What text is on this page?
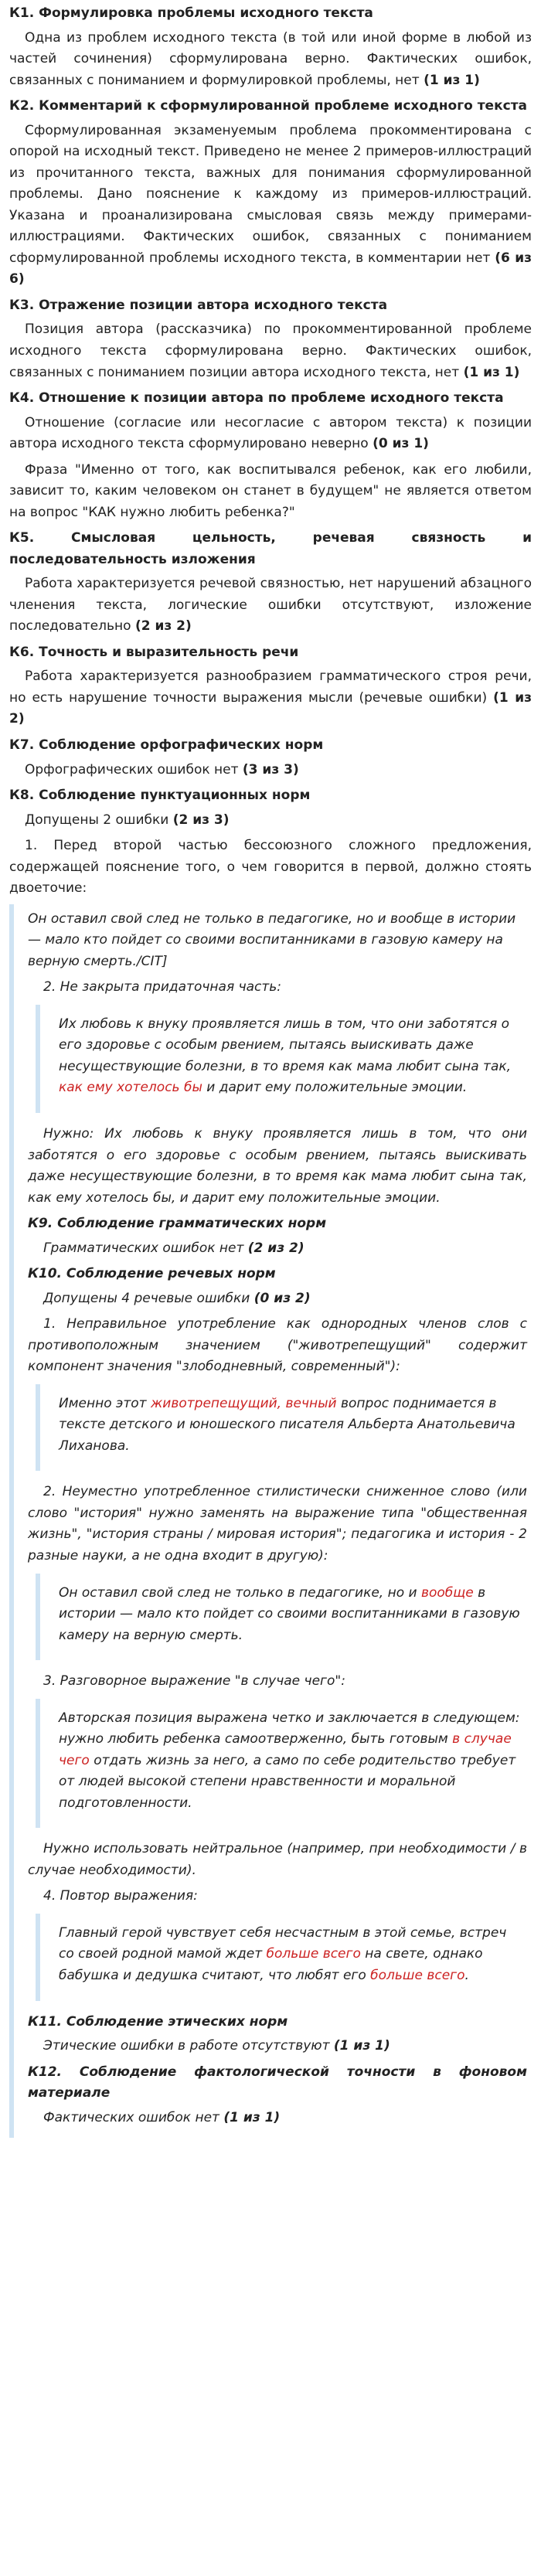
К1. Формулировка проблемы исходного текста

Одна из проблем исходного текста (в той или иной форме в любой из частей сочинения) сформулирована верно. Фактических ошибок, связанных с пониманием и формулировкой проблемы, нет (1 из 1)

К2. Комментарий к сформулированной проблеме исходного текста

Сформулированная экзаменуемым проблема прокомментирована с опорой на исходный текст. Приведено не менее 2 примеров-иллюстраций из прочитанного текста, важных для понимания сформулированной проблемы. Дано пояснение к каждому из примеров-иллюстраций. Указана и проанализирована смысловая связь между примерами-иллюстрациями. Фактических ошибок, связанных с пониманием сформулированной проблемы исходного текста, в комментарии нет (6 из 6)

К3. Отражение позиции автора исходного текста

Позиция автора (рассказчика) по прокомментированной проблеме исходного текста сформулирована верно. Фактических ошибок, связанных с пониманием позиции автора исходного текста, нет (1 из 1)

К4. Отношение к позиции автора по проблеме исходного текста

Отношение (согласие или несогласие с автором текста) к позиции автора исходного текста сформулировано неверно (0 из 1)

Фраза "Именно от того, как воспитывался ребенок, как его любили, зависит то, каким человеком он станет в будущем" не является ответом на вопрос "КАК нужно любить ребенка?"

К5. Смысловая цельность, речевая связность и последовательность изложения

Работа характеризуется речевой связностью, нет нарушений абзацного членения текста, логические ошибки отсутствуют, изложение последовательно (2 из 2)

К6. Точность и выразительность речи

Работа характеризуется разнообразием грамматического строя речи, но есть нарушение точности выражения мысли (речевые ошибки) (1 из 2)

К7. Соблюдение орфографических норм

Орфографических ошибок нет (3 из 3)

К8. Соблюдение пунктуационных норм

Допущены 2 ошибки (2 из 3)

1. Перед второй частью бессоюзного сложного предложения, содержащей пояснение того, о чем говорится в первой, должно стоять двоеточие:

Он оставил свой след не только в педагогике, но и вообще в истории — мало кто пойдет со своими воспитанниками в газовую камеру на верную смерть./CIT]

2. Не закрыта придаточная часть:

Их любовь к внуку проявляется лишь в том, что они заботятся о его здоровье с особым рвением, пытаясь выискивать даже несуществующие болезни, в то время как мама любит сына так, как ему хотелось бы и дарит ему положительные эмоции.

Нужно: Их любовь к внуку проявляется лишь в том, что они заботятся о его здоровье с особым рвением, пытаясь выискивать даже несуществующие болезни, в то время как мама любит сына так, как ему хотелось бы, и дарит ему положительные эмоции.

К9. Соблюдение грамматических норм

Грамматических ошибок нет (2 из 2)

К10. Соблюдение речевых норм

Допущены 4 речевые ошибки (0 из 2)

1. Неправильное употребление как однородных членов слов с противоположным значением ("животрепещущий" содержит компонент значения "злободневный, современный"):

Именно этот животрепещущий, вечный вопрос поднимается в тексте детского и юношеского писателя Альберта Анатольевича Лиханова.

2. Неуместно употребленное стилистически сниженное слово (или слово "история" нужно заменять на выражение типа "общественная жизнь", "история страны / мировая история"; педагогика и история - 2 разные науки, а не одна входит в другую):

Он оставил свой след не только в педагогике, но и вообще в истории — мало кто пойдет со своими воспитанниками в газовую камеру на верную смерть.

3. Разговорное выражение "в случае чего":

Авторская позиция выражена четко и заключается в следующем: нужно любить ребенка самоотверженно, быть готовым в случае чего отдать жизнь за него, а само по себе родительство требует от людей высокой степени нравственности и моральной подготовленности.

Нужно использовать нейтральное (например, при необходимости / в случае необходимости).

4. Повтор выражения:

Главный герой чувствует себя несчастным в этой семье, встреч со своей родной мамой ждет больше всего на свете, однако бабушка и дедушка считают, что любят его больше всего.

К11. Соблюдение этических норм

Этические ошибки в работе отсутствуют (1 из 1)

К12. Соблюдение фактологической точности в фоновом материале

Фактических ошибок нет (1 из 1)
